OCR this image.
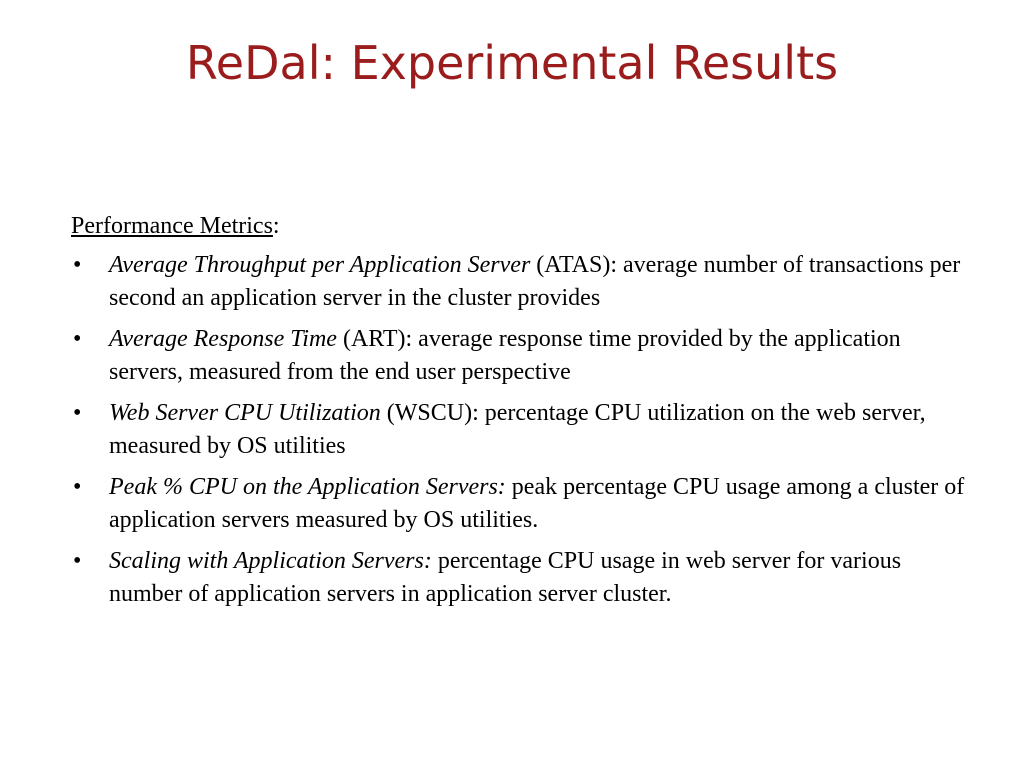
ReDal: Experimental Results
Performance Metrics:
• Average Throughput per Application Server (ATAS): average number of transactions per second an application server in the cluster provides
• Average Response Time (ART): average response time provided by the application servers, measured from the end user perspective
• Web Server CPU Utilization (WSCU): percentage CPU utilization on the web server, measured by OS utilities
• Peak % CPU on the Application Servers: peak percentage CPU usage among a cluster of application servers measured by OS utilities.
• Scaling with Application Servers: percentage CPU usage in web server for various number of application servers in application server cluster.
